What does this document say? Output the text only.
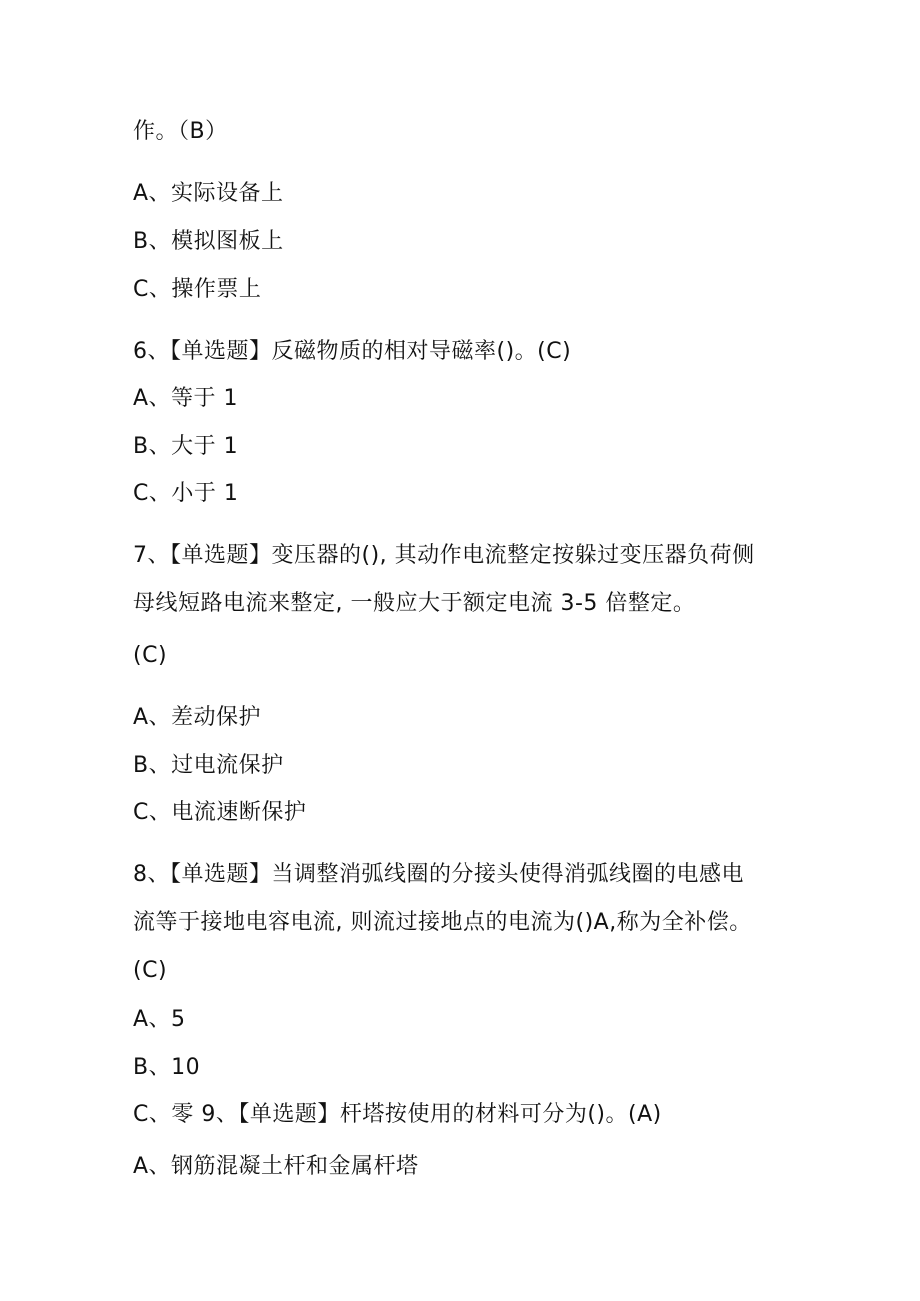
作。（B）
A、实际设备上
B、模拟图板上
C、操作票上
6、【单选题】反磁物质的相对导磁率()。(C)
A、等于 1
B、大于 1
C、小于 1
7、【单选题】变压器的(), 其动作电流整定按躲过变压器负荷侧
母线短路电流来整定, 一般应大于额定电流 3-5 倍整定。
(C)
A、差动保护
B、过电流保护
C、电流速断保护
8、【单选题】当调整消弧线圈的分接头使得消弧线圈的电感电
流等于接地电容电流, 则流过接地点的电流为()A,称为全补偿。
(C)
A、5
B、10
C、零 9、【单选题】杆塔按使用的材料可分为()。(A)
A、钢筋混凝土杆和金属杆塔
